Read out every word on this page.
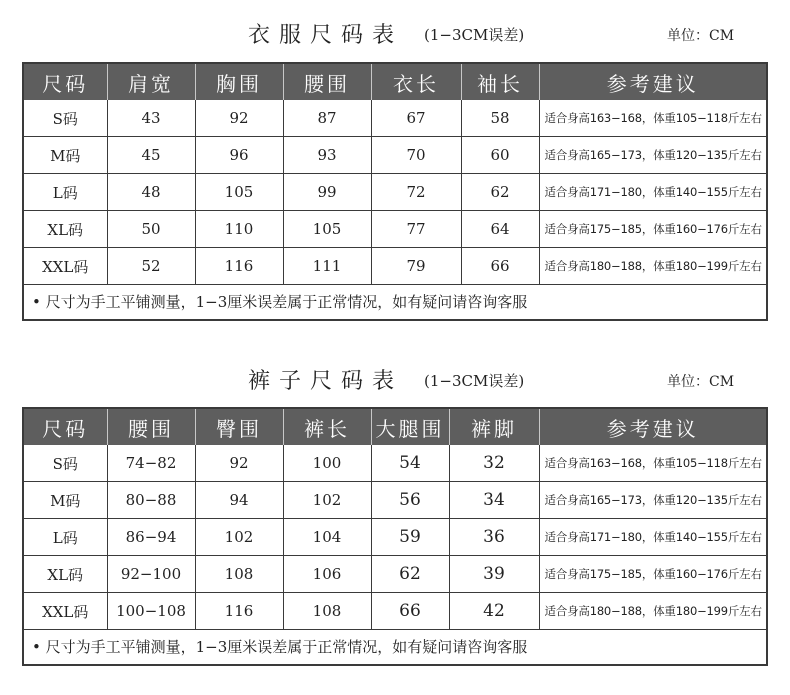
衣服尺码表 (1−3CM误差)	单位：CM
尺码	肩宽	胸围	腰围	衣长	袖长	参考建议
S码	43	92	87	67	58	适合身高163−168，体重105−118斤左右
M码	45	96	93	70	60	适合身高165−173，体重120−135斤左右
L码	48	105	99	72	62	适合身高171−180，体重140−155斤左右
XL码	50	110	105	77	64	适合身高175−185，体重160−176斤左右
XXL码	52	116	111	79	66	适合身高180−188，体重180−199斤左右
• 尺寸为手工平铺测量，1−3厘米误差属于正常情况，如有疑问请咨询客服
裤子尺码表 (1−3CM误差)	单位：CM
尺码	腰围	臀围	裤长	大腿围	裤脚	参考建议
S码	74−82	92	100	54	32	适合身高163−168，体重105−118斤左右
M码	80−88	94	102	56	34	适合身高165−173，体重120−135斤左右
L码	86−94	102	104	59	36	适合身高171−180，体重140−155斤左右
XL码	92−100	108	106	62	39	适合身高175−185，体重160−176斤左右
XXL码	100−108	116	108	66	42	适合身高180−188，体重180−199斤左右
• 尺寸为手工平铺测量，1−3厘米误差属于正常情况，如有疑问请咨询客服
